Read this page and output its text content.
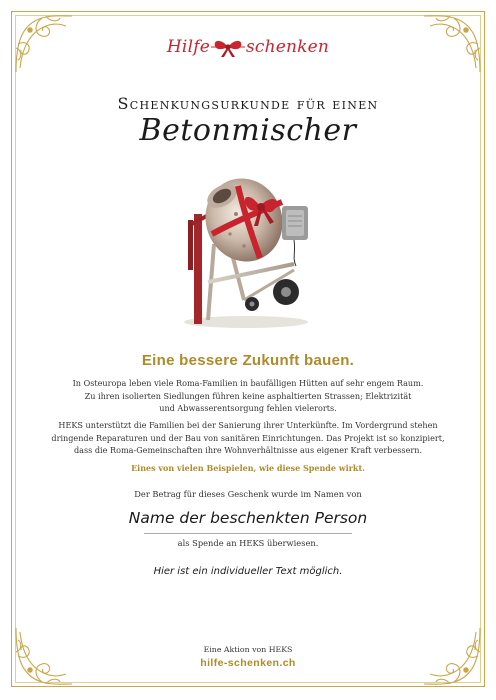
Hilfe schenken
Schenkungsurkunde für einen
Betonmischer
Eine bessere Zukunft bauen.
In Osteuropa leben viele Roma-Familien in baufälligen Hütten auf sehr engem Raum.
Zu ihren isolierten Siedlungen führen keine asphaltierten Strassen; Elektrizität
und Abwasserentsorgung fehlen vielerorts.
HEKS unterstützt die Familien bei der Sanierung ihrer Unterkünfte. Im Vordergrund stehen
dringende Reparaturen und der Bau von sanitären Einrichtungen. Das Projekt ist so konzipiert,
dass die Roma-Gemeinschaften ihre Wohnverhältnisse aus eigener Kraft verbessern.
Eines von vielen Beispielen, wie diese Spende wirkt.
Der Betrag für dieses Geschenk wurde im Namen von
Name der beschenkten Person
als Spende an HEKS überwiesen.
Hier ist ein individueller Text möglich.
Eine Aktion von HEKS
hilfe-schenken.ch
